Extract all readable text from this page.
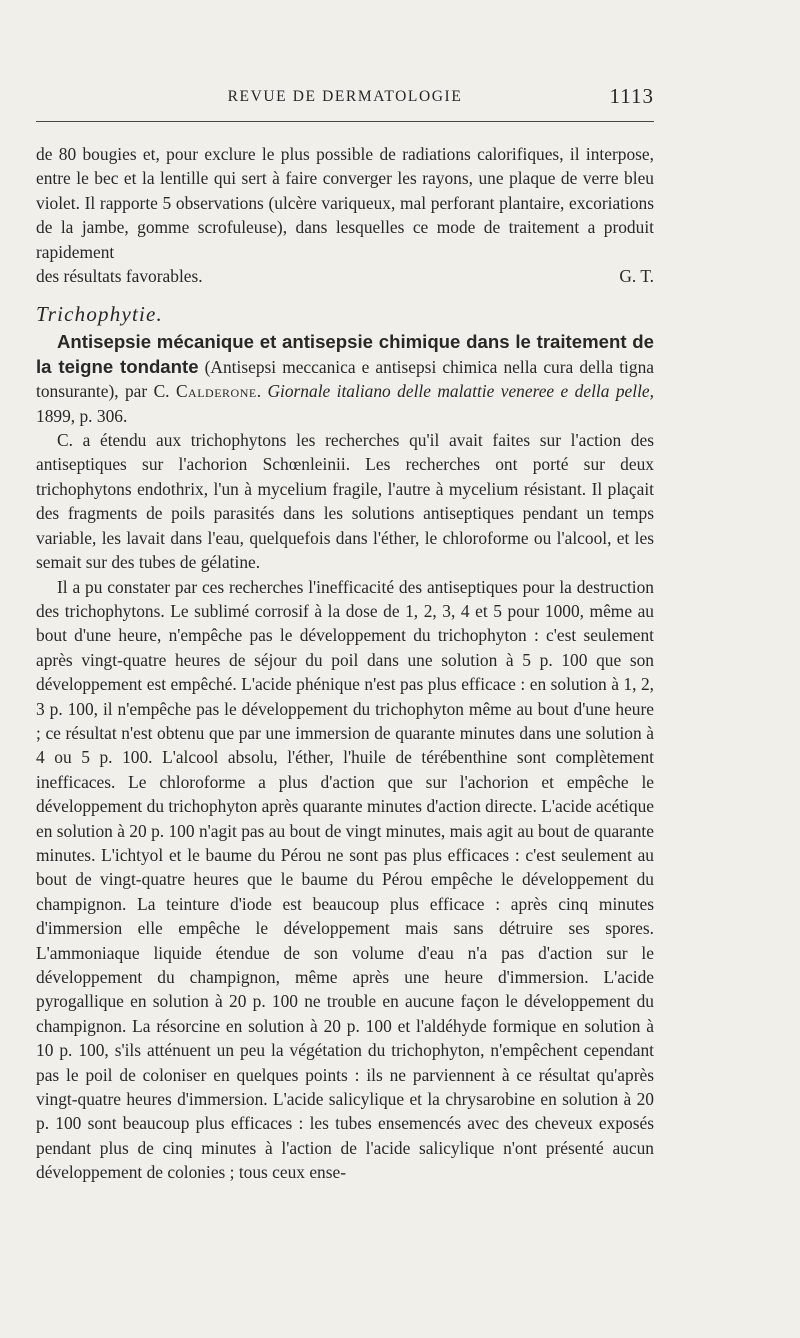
REVUE DE DERMATOLOGIE	1113

de 80 bougies et, pour exclure le plus possible de radiations calorifiques, il interpose, entre le bec et la lentille qui sert à faire converger les rayons, une plaque de verre bleu violet. Il rapporte 5 observations (ulcère variqueux, mal perforant plantaire, excoriations de la jambe, gomme scrofuleuse), dans lesquelles ce mode de traitement a produit rapidement

des résultats favorables.	G. T.

Trichophytie.

Antisepsie mécanique et antisepsie chimique dans le traitement de la teigne tondante (Antisepsi meccanica e antisepsi chimica nella cura della tigna tonsurante), par C. Calderone. Giornale italiano delle malattie veneree e della pelle, 1899, p. 306.

C. a étendu aux trichophytons les recherches qu'il avait faites sur l'action des antiseptiques sur l'achorion Schœnleinii. Les recherches ont porté sur deux trichophytons endothrix, l'un à mycelium fragile, l'autre à mycelium résistant. Il plaçait des fragments de poils parasités dans les solutions antiseptiques pendant un temps variable, les lavait dans l'eau, quelquefois dans l'éther, le chloroforme ou l'alcool, et les semait sur des tubes de gélatine.

Il a pu constater par ces recherches l'inefficacité des antiseptiques pour la destruction des trichophytons. Le sublimé corrosif à la dose de 1, 2, 3, 4 et 5 pour 1000, même au bout d'une heure, n'empêche pas le développement du trichophyton : c'est seulement après vingt-quatre heures de séjour du poil dans une solution à 5 p. 100 que son développement est empêché. L'acide phénique n'est pas plus efficace : en solution à 1, 2, 3 p. 100, il n'empêche pas le développement du trichophyton même au bout d'une heure ; ce résultat n'est obtenu que par une immersion de quarante minutes dans une solution à 4 ou 5 p. 100. L'alcool absolu, l'éther, l'huile de térébenthine sont complètement inefficaces. Le chloroforme a plus d'action que sur l'achorion et empêche le développement du trichophyton après quarante minutes d'action directe. L'acide acétique en solution à 20 p. 100 n'agit pas au bout de vingt minutes, mais agit au bout de quarante minutes. L'ichtyol et le baume du Pérou ne sont pas plus efficaces : c'est seulement au bout de vingt-quatre heures que le baume du Pérou empêche le développement du champignon. La teinture d'iode est beaucoup plus efficace : après cinq minutes d'immersion elle empêche le développement mais sans détruire ses spores. L'ammoniaque liquide étendue de son volume d'eau n'a pas d'action sur le développement du champignon, même après une heure d'immersion. L'acide pyrogallique en solution à 20 p. 100 ne trouble en aucune façon le développement du champignon. La résorcine en solution à 20 p. 100 et l'aldéhyde formique en solution à 10 p. 100, s'ils atténuent un peu la végétation du trichophyton, n'empêchent cependant pas le poil de coloniser en quelques points : ils ne parviennent à ce résultat qu'après vingt-quatre heures d'immersion. L'acide salicylique et la chrysarobine en solution à 20 p. 100 sont beaucoup plus efficaces : les tubes ensemencés avec des cheveux exposés pendant plus de cinq minutes à l'action de l'acide salicylique n'ont présenté aucun développement de colonies ; tous ceux ense-
